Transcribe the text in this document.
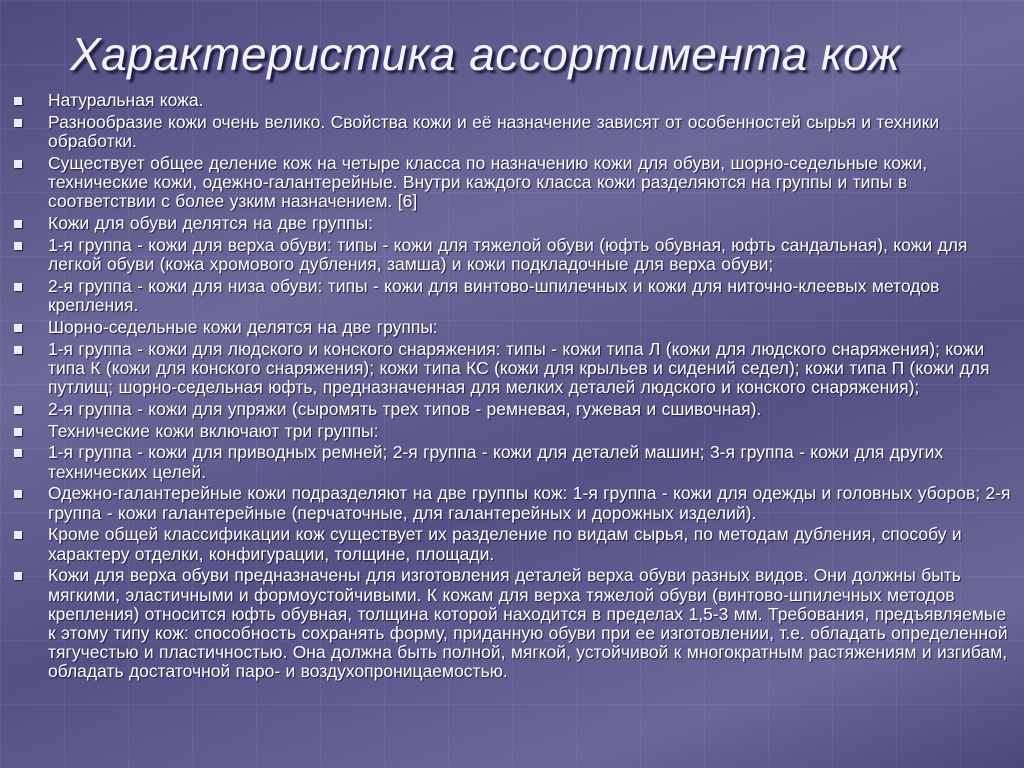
Характеристика ассортимента кож
Натуральная кожа.
Разнообразие кожи очень велико. Свойства кожи и её назначение зависят от особенностей сырья и техники обработки.
Существует общее деление кож на четыре класса по назначению кожи для обуви, шорно-седельные кожи, технические кожи, одежно-галантерейные. Внутри каждого класса кожи разделяются на группы и типы в соответствии с более узким назначением. [6]
Кожи для обуви делятся на две группы:
1-я группа - кожи для верха обуви: типы - кожи для тяжелой обуви (юфть обувная, юфть сандальная), кожи для легкой обуви (кожа хромового дубления, замша) и кожи подкладочные для верха обуви;
2-я группа - кожи для низа обуви: типы - кожи для винтово-шпилечных и кожи для ниточно-клеевых методов крепления.
Шорно-седельные кожи делятся на две группы:
1-я группа - кожи для людского и конского снаряжения: типы - кожи типа Л (кожи для людского снаряжения); кожи типа К (кожи для конского снаряжения); кожи типа КС (кожи для крыльев и сидений седел); кожи типа П (кожи для путлищ; шорно-седельная юфть, предназначенная для мелких деталей людского и конского снаряжения);
2-я группа - кожи для упряжи (сыромять трех типов - ремневая, гужевая и сшивочная).
Технические кожи включают три группы:
1-я группа - кожи для приводных ремней; 2-я группа - кожи для деталей машин; 3-я группа - кожи для других технических целей.
Одежно-галантерейные кожи подразделяют на две группы кож: 1-я группа - кожи для одежды и головных уборов; 2-я группа - кожи галантерейные (перчаточные, для галантерейных и дорожных изделий).
Кроме общей классификации кож существует их разделение по видам сырья, по методам дубления, способу и характеру отделки, конфигурации, толщине, площади.
Кожи для верха обуви предназначены для изготовления деталей верха обуви разных видов. Они должны быть мягкими, эластичными и формоустойчивыми. К кожам для верха тяжелой обуви (винтово-шпилечных методов крепления) относится юфть обувная, толщина которой находится в пределах 1,5-3 мм. Требования, предъявляемые к этому типу кож: способность сохранять форму, приданную обуви при ее изготовлении, т.е. обладать определенной тягучестью и пластичностью. Она должна быть полной, мягкой, устойчивой к многократным растяжениям и изгибам, обладать достаточной паро- и воздухопроницаемостью.
